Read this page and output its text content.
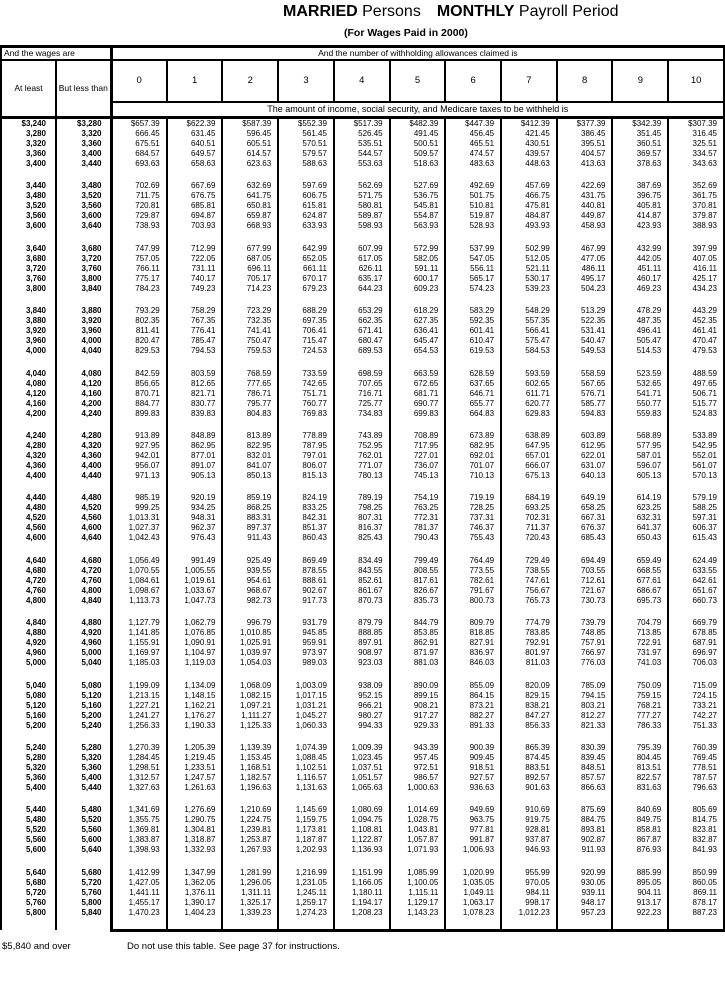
MARRIED Persons MONTHLY Payroll Period
(For Wages Paid in 2000)
And the wages are		And the number of withholding allowances claimed is										
At least	But less than	0	1	2	3	4	5	6	7	8	9	10
		The amount of income, social security, and Medicare taxes to be withheld is										
$3,240	$3,280	$657.39	$622.39	$587.39	$552.39	$517.39	$482.39	$447.39	$412.39	$377.39	$342.39	$307.39
3,280	3,320	666.45	631.45	596.45	561.45	526.45	491.45	456.45	421.45	386.45	351.45	316.45
3,320	3,360	675.51	640.51	605.51	570.51	535.51	500.51	465.51	430.51	395.51	360.51	325.51
3,360	3,400	684.57	649.57	614.57	579.57	544.57	509.57	474.57	439.57	404.57	369.57	334.57
3,400	3,440	693.63	658.63	623.63	588.63	553.63	518.63	483.63	448.63	413.63	378.63	343.63

3,440	3,480	702.69	667.69	632.69	597.69	562.69	527.69	492.69	457.69	422.69	387.69	352.69
3,480	3,520	711.75	676.75	641.75	606.75	571.75	536.75	501.75	466.75	431.75	396.75	361.75
3,520	3,560	720.81	685.81	650.81	615.81	580.81	545.81	510.81	475.81	440.81	405.81	370.81
3,560	3,600	729.87	694.87	659.87	624.87	589.87	554.87	519.87	484.87	449.87	414.87	379.87
3,600	3,640	738.93	703.93	668.93	633.93	598.93	563.93	528.93	493.93	458.93	423.93	388.93

3,640	3,680	747.99	712.99	677.99	642.99	607.99	572.99	537.99	502.99	467.99	432.99	397.99
3,680	3,720	757.05	722.05	687.05	652.05	617.05	582.05	547.05	512.05	477.05	442.05	407.05
3,720	3,760	766.11	731.11	696.11	661.11	626.11	591.11	556.11	521.11	486.11	451.11	416.11
3,760	3,800	775.17	740.17	705.17	670.17	635.17	600.17	565.17	530.17	495.17	460.17	425.17
3,800	3,840	784.23	749.23	714.23	679.23	644.23	609.23	574.23	539.23	504.23	469.23	434.23

3,840	3,880	793.29	758.29	723.29	688.29	653.29	618.29	583.29	548.29	513.29	478.29	443.29
3,880	3,920	802.35	767.35	732.35	697.35	662.35	627.35	592.35	557.35	522.35	487.35	452.35
3,920	3,960	811.41	776.41	741.41	706.41	671.41	636.41	601.41	566.41	531.41	496.41	461.41
3,960	4,000	820.47	785.47	750.47	715.47	680.47	645.47	610.47	575.47	540.47	505.47	470.47
4,000	4,040	829.53	794.53	759.53	724.53	689.53	654.53	619.53	584.53	549.53	514.53	479.53

4,040	4,080	842.59	803.59	768.59	733.59	698.59	663.59	628.59	593.59	558.59	523.59	488.59
4,080	4,120	856.65	812.65	777.65	742.65	707.65	672.65	637.65	602.65	567.65	532.65	497.65
4,120	4,160	870.71	821.71	786.71	751.71	716.71	681.71	646.71	611.71	576.71	541.71	506.71
4,160	4,200	884.77	830.77	795.77	760.77	725.77	690.77	655.77	620.77	585.77	550.77	515.77
4,200	4,240	899.83	839.83	804.83	769.83	734.83	699.83	664.83	629.83	594.83	559.83	524.83

4,240	4,280	913.89	848.89	813.89	778.89	743.89	708.89	673.89	638.89	603.89	568.89	533.89
4,280	4,320	927.95	862.95	822.95	787.95	752.95	717.95	682.95	647.95	612.95	577.95	542.95
4,320	4,360	942.01	877.01	832.01	797.01	762.01	727.01	692.01	657.01	622.01	587.01	552.01
4,360	4,400	956.07	891.07	841.07	806.07	771.07	736.07	701.07	666.07	631.07	596.07	561.07
4,400	4,440	971.13	905.13	850.13	815.13	780.13	745.13	710.13	675.13	640.13	605.13	570.13

4,440	4,480	985.19	920.19	859.19	824.19	789.19	754.19	719.19	684.19	649.19	614.19	579.19
4,480	4,520	999.25	934.25	868.25	833.25	798.25	763.25	728.25	693.25	658.25	623.25	588.25
4,520	4,560	1,013.31	948.31	883.31	842.31	807.31	772.31	737.31	702.31	667.31	632.31	597.31
4,560	4,600	1,027.37	962.37	897.37	851.37	816.37	781.37	746.37	711.37	676.37	641.37	606.37
4,600	4,640	1,042.43	976.43	911.43	860.43	825.43	790.43	755.43	720.43	685.43	650.43	615.43

4,640	4,680	1,056.49	991.49	925.49	869.49	834.49	799.49	764.49	729.49	694.49	659.49	624.49
4,680	4,720	1,070.55	1,005.55	939.55	878.55	843.55	808.55	773.55	738.55	703.55	668.55	633.55
4,720	4,760	1,084.61	1,019.61	954.61	888.61	852.61	817.61	782.61	747.61	712.61	677.61	642.61
4,760	4,800	1,098.67	1,033.67	968.67	902.67	861.67	826.67	791.67	756.67	721.67	686.67	651.67
4,800	4,840	1,113.73	1,047.73	982.73	917.73	870.73	835.73	800.73	765.73	730.73	695.73	660.73

4,840	4,880	1,127.79	1,062.79	996.79	931.79	879.79	844.79	809.79	774.79	739.79	704.79	669.79
4,880	4,920	1,141.85	1,076.85	1,010.85	945.85	888.85	853.85	818.85	783.85	748.85	713.85	678.85
4,920	4,960	1,155.91	1,090.91	1,025.91	959.91	897.91	862.91	827.91	792.91	757.91	722.91	687.91
4,960	5,000	1,169.97	1,104.97	1,039.97	973.97	908.97	871.97	836.97	801.97	766.97	731.97	696.97
5,000	5,040	1,185.03	1,119.03	1,054.03	989.03	923.03	881.03	846.03	811.03	776.03	741.03	706.03

5,040	5,080	1,199.09	1,134.09	1,068.09	1,003.09	938.09	890.09	855.09	820.09	785.09	750.09	715.09
5,080	5,120	1,213.15	1,148.15	1,082.15	1,017.15	952.15	899.15	864.15	829.15	794.15	759.15	724.15
5,120	5,160	1,227.21	1,162.21	1,097.21	1,031.21	966.21	908.21	873.21	838.21	803.21	768.21	733.21
5,160	5,200	1,241.27	1,176.27	1,111.27	1,045.27	980.27	917.27	882.27	847.27	812.27	777.27	742.27
5,200	5,240	1,256.33	1,190.33	1,125.33	1,060.33	994.33	929.33	891.33	856.33	821.33	786.33	751.33

5,240	5,280	1,270.39	1,205.39	1,139.39	1,074.39	1,009.39	943.39	900.39	865.39	830.39	795.39	760.39
5,280	5,320	1,284.45	1,219.45	1,153.45	1,088.45	1,023.45	957.45	909.45	874.45	839.45	804.45	769.45
5,320	5,360	1,298.51	1,233.51	1,168.51	1,102.51	1,037.51	972.51	918.51	883.51	848.51	813.51	778.51
5,360	5,400	1,312.57	1,247.57	1,182.57	1,116.57	1,051.57	986.57	927.57	892.57	857.57	822.57	787.57
5,400	5,440	1,327.63	1,261.63	1,196.63	1,131.63	1,065.63	1,000.63	936.63	901.63	866.63	831.63	796.63

5,440	5,480	1,341.69	1,276.69	1,210.69	1,145.69	1,080.69	1,014.69	949.69	910.69	875.69	840.69	805.69
5,480	5,520	1,355.75	1,290.75	1,224.75	1,159.75	1,094.75	1,028.75	963.75	919.75	884.75	849.75	814.75
5,520	5,560	1,369.81	1,304.81	1,239.81	1,173.81	1,108.81	1,043.81	977.81	928.81	893.81	858.81	823.81
5,560	5,600	1,383.87	1,318.87	1,253.87	1,187.87	1,122.87	1,057.87	991.87	937.87	902.87	867.87	832.87
5,600	5,640	1,398.93	1,332.93	1,267.93	1,202.93	1,136.93	1,071.93	1,006.93	946.93	911.93	876.93	841.93

5,640	5,680	1,412.99	1,347.99	1,281.99	1,216.99	1,151.99	1,085.99	1,020.99	955.99	920.99	885.99	850.99
5,680	5,720	1,427.05	1,362.05	1,296.05	1,231.05	1,166.05	1,100.05	1,035.05	970.05	930.05	895.05	860.05
5,720	5,760	1,441.11	1,376.11	1,311.11	1,245.11	1,180.11	1,115.11	1,049.11	984.11	939.11	904.11	869.11
5,760	5,800	1,455.17	1,390.17	1,325.17	1,259.17	1,194.17	1,129.17	1,063.17	998.17	948.17	913.17	878.17
5,800	5,840	1,470.23	1,404.23	1,339.23	1,274.23	1,208.23	1,143.23	1,078.23	1,012.23	957.23	922.23	887.23

$5,840 and over	Do not use this table. See page 37 for instructions.
